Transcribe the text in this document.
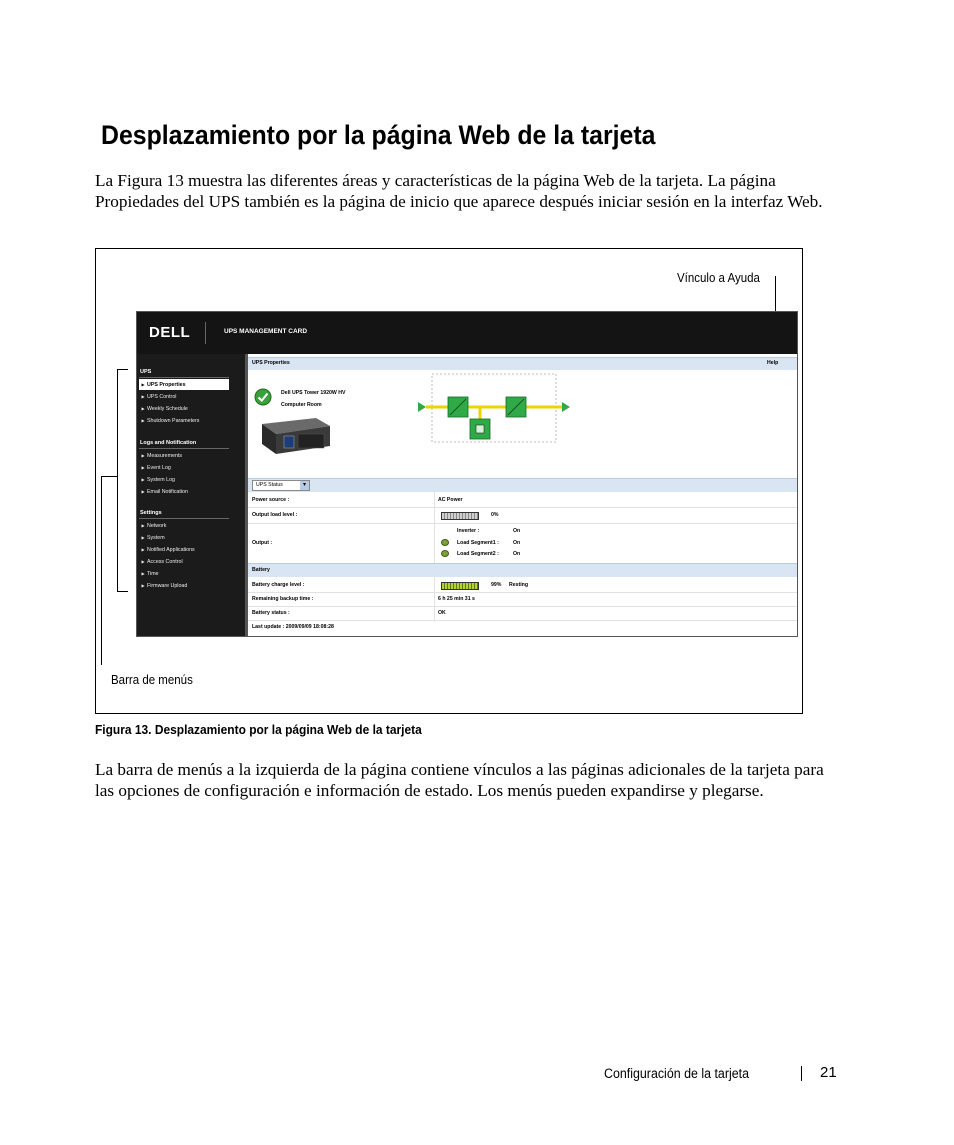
Desplazamiento por la página Web de la tarjeta
La Figura 13 muestra las diferentes áreas y características de la página Web de la tarjeta. La página Propiedades del UPS también es la página de inicio que aparece después iniciar sesión en la interfaz Web.
Vínculo a Ayuda
Barra de menús
DELL	UPS MANAGEMENT CARD
UPS
▶ UPS Properties
▶ UPS Control
▶ Weekly Schedule
▶ Shutdown Parameters
Logs and Notification
▶ Measurements
▶ Event Log
▶ System Log
▶ Email Notification
Settings
▶ Network
▶ System
▶ Notified Applications
▶ Access Control
▶ Time
▶ Firmware Upload
UPS Properties	Help
Dell UPS Tower 1920W HV
Computer Room
UPS Status	▾
Power source :	AC Power
Output load level :	0%
Output :
Inverter :	On
Load Segment1 :	On
Load Segment2 :	On
Battery
Battery charge level :	99% Resting
Remaining backup time :	6 h 25 min 31 s
Battery status :	OK
Last update : 2009/09/09 18:08:28
Figura 13. Desplazamiento por la página Web de la tarjeta
La barra de menús a la izquierda de la página contiene vínculos a las páginas adicionales de la tarjeta para las opciones de configuración e información de estado. Los menús pueden expandirse y plegarse.
Configuración de la tarjeta	21
